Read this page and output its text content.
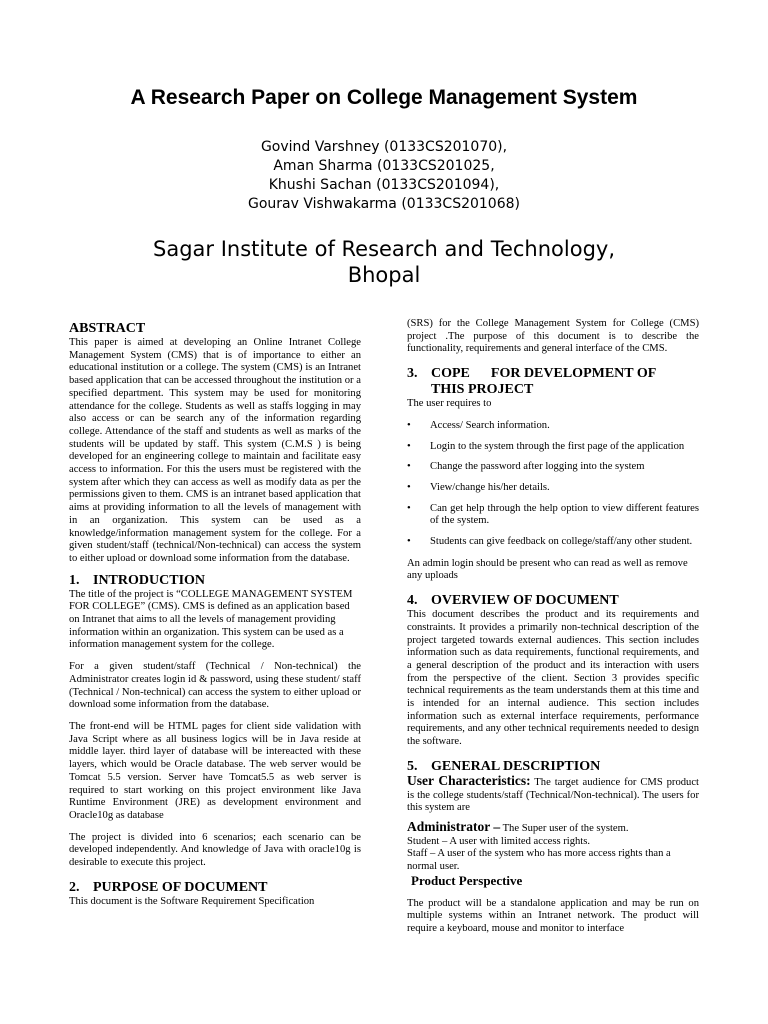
A Research Paper on College Management System
Govind Varshney (0133CS201070),
Aman Sharma (0133CS201025,
Khushi Sachan (0133CS201094),
Gourav Vishwakarma (0133CS201068)
Sagar Institute of Research and Technology,
Bhopal
ABSTRACT

This paper is aimed at developing an Online Intranet College Management System (CMS) that is of importance to either an educational institution or a college. The system (CMS) is an Intranet based application that can be accessed throughout the institution or a specified department. This system may be used for monitoring attendance for the college. Students as well as staffs logging in may also access or can be search any of the information regarding college. Attendance of the staff and students as well as marks of the students will be updated by staff. This system (C.M.S ) is being developed for an engineering college to maintain and facilitate easy access to information. For this the users must be registered with the system after which they can access as well as modify data as per the permissions given to them. CMS is an intranet based application that aims at providing information to all the levels of management with in an organization. This system can be used as a knowledge/information management system for the college. For a given student/staff (technical/Non-technical) can access the system to either upload or download some information from the database.

1. INTRODUCTION

The title of the project is “COLLEGE MANAGEMENT SYSTEM FOR COLLEGE” (CMS). CMS is defined as an application based on Intranet that aims to all the levels of management providing information within an organization. This system can be used as a information management system for the college.

For a given student/staff (Technical / Non-technical) the Administrator creates login id & password, using these student/ staff (Technical / Non-technical) can access the system to either upload or download some information from the database.

The front-end will be HTML pages for client side validation with Java Script where as all business logics will be in Java reside at middle layer. third layer of database will be intereacted with these layers, which would be Oracle database. The web server would be Tomcat 5.5 version. Server have Tomcat5.5 as web server is required to start working on this project environment like Java Runtime Environment (JRE) as development environment and Oracle10g as database

The project is divided into 6 scenarios; each scenario can be developed independently. And knowledge of Java with oracle10g is desirable to execute this project.

2. PURPOSE OF DOCUMENT

This document is the Software Requirement Specification

(SRS) for the College Management System for College (CMS) project .The purpose of this document is to describe the functionality, requirements and general interface of the CMS.

3. COPE      FOR DEVELOPMENT OF
THIS PROJECT

The user requires to

• Access/ Search information.
• Login to the system through the first page of the application
• Change the password after logging into the system
• View/change his/her details.
• Can get help through the help option to view different features of the system.
• Students can give feedback on college/staff/any other student.

An admin login should be present who can read as well as remove any uploads

4. OVERVIEW OF DOCUMENT

This document describes the product and its requirements and constraints. It provides a primarily non-technical description of the project targeted towards external audiences. This section includes information such as data requirements, functional requirements, and a general description of the product and its interaction with users from the perspective of the client. Section 3 provides specific technical requirements as the team understands them at this time and is intended for an internal audience. This section includes information such as external interface requirements, performance requirements, and any other technical requirements needed to design the software.

5. GENERAL DESCRIPTION

User Characteristics: The target audience for CMS product is the college students/staff (Technical/Non-technical). The users for this system are

Administrator – The Super user of the system.

Student – A user with limited access rights.

Staff – A user of the system who has more access rights than a normal user.

Product Perspective

The product will be a standalone application and may be run on multiple systems within an Intranet network. The product will require a keyboard, mouse and monitor to interface
